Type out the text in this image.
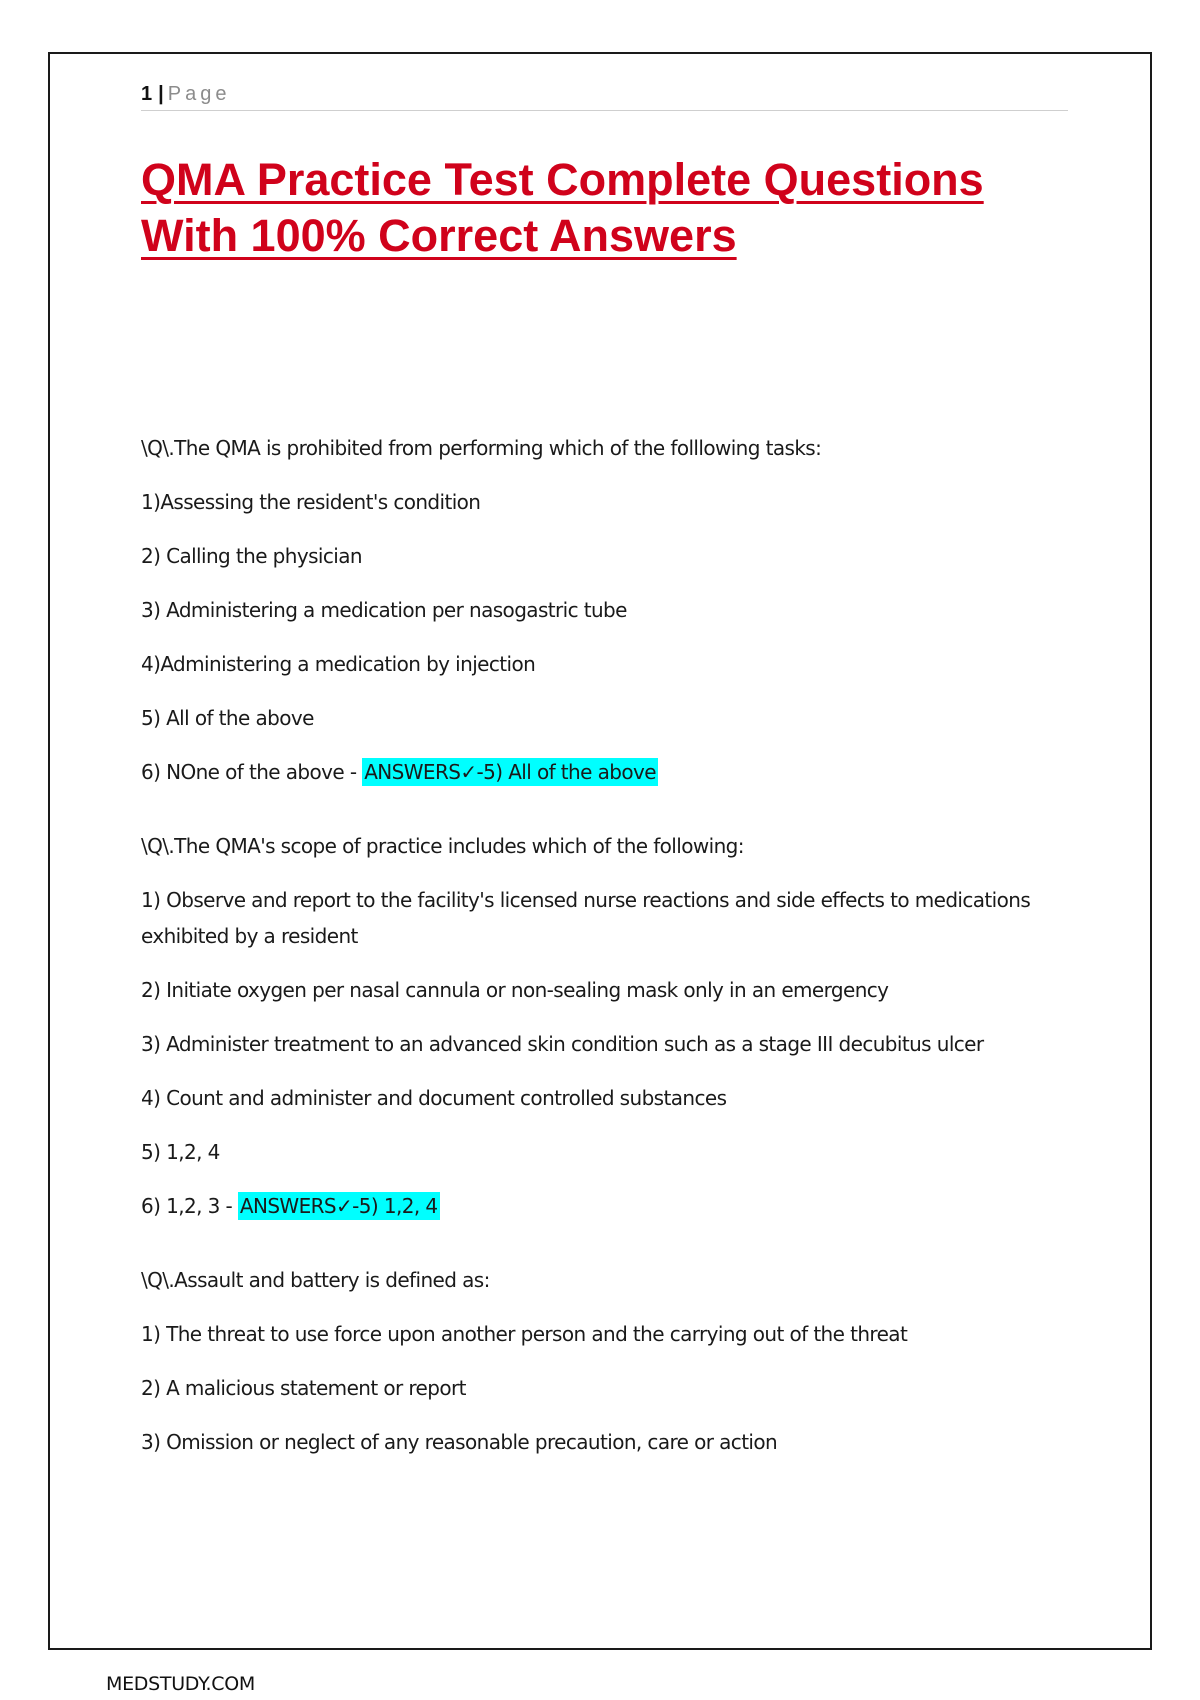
1 | Page
QMA Practice Test Complete Questions
With 100% Correct Answers

\Q\.The QMA is prohibited from performing which of the folllowing tasks:

1)Assessing the resident's condition

2) Calling the physician

3) Administering a medication per nasogastric tube

4)Administering a medication by injection

5) All of the above

6) NOne of the above - ANSWERS✓-5) All of the above

\Q\.The QMA's scope of practice includes which of the following:

1) Observe and report to the facility's licensed nurse reactions and side effects to medications exhibited by a resident

2) Initiate oxygen per nasal cannula or non-sealing mask only in an emergency

3) Administer treatment to an advanced skin condition such as a stage III decubitus ulcer

4) Count and administer and document controlled substances

5) 1,2, 4

6) 1,2, 3 - ANSWERS✓-5) 1,2, 4

\Q\.Assault and battery is defined as:

1) The threat to use force upon another person and the carrying out of the threat

2) A malicious statement or report

3) Omission or neglect of any reasonable precaution, care or action

MEDSTUDY.COM
